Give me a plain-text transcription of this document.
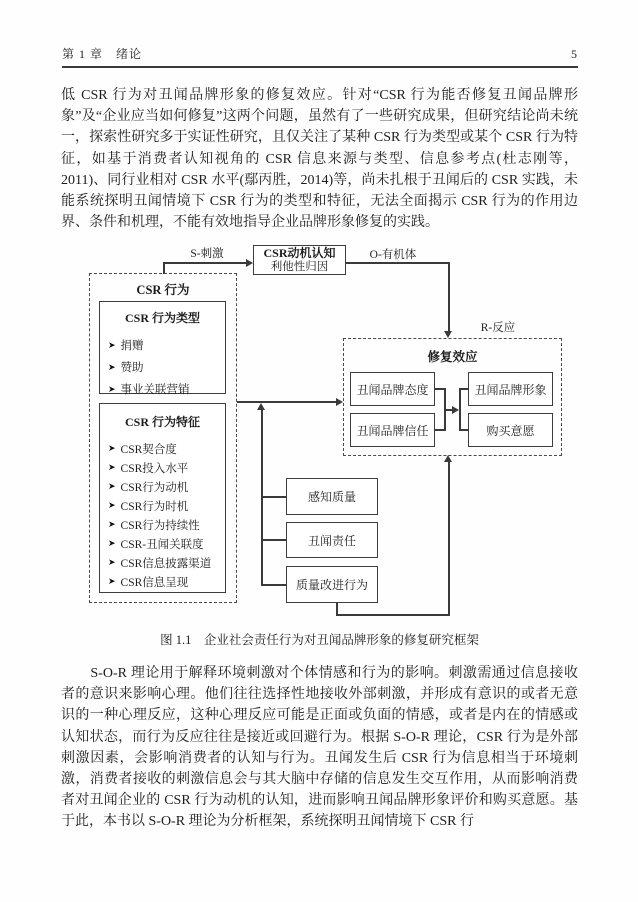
第 1 章　绪论	5

低 CSR 行为对丑闻品牌形象的修复效应。针对“CSR 行为能否修复丑闻品牌形象”及“企业应当如何修复”这两个问题，虽然有了一些研究成果，但研究结论尚未统一，探索性研究多于实证性研究，且仅关注了某种 CSR 行为类型或某个 CSR 行为特征，如基于消费者认知视角的 CSR 信息来源与类型、信息参考点(杜志刚等，2011)、同行业相对 CSR 水平(鄢丙胜，2014)等，尚未扎根于丑闻后的 CSR 实践，未能系统探明丑闻情境下 CSR 行为的类型和特征，无法全面揭示 CSR 行为的作用边界、条件和机理，不能有效地指导企业品牌形象修复的实践。

S-刺激	CSR动机认知
利他性归因
O-有机体
R-反应
CSR 行为
CSR 行为类型
➤ 捐赠
➤ 赞助
➤ 事业关联营销
CSR 行为特征
➤ CSR契合度
➤ CSR投入水平
➤ CSR行为动机
➤ CSR行为时机
➤ CSR行为持续性
➤ CSR-丑闻关联度
➤ CSR信息披露渠道
➤ CSR信息呈现
感知质量
丑闻责任
质量改进行为
修复效应
丑闻品牌态度
丑闻品牌信任
丑闻品牌形象
购买意愿
图 1.1　企业社会责任行为对丑闻品牌形象的修复研究框架

S-O-R 理论用于解释环境刺激对个体情感和行为的影响。刺激需通过信息接收者的意识来影响心理。他们往往选择性地接收外部刺激，并形成有意识的或者无意识的一种心理反应，这种心理反应可能是正面或负面的情感，或者是内在的情感或认知状态，而行为反应往往是接近或回避行为。根据 S-O-R 理论，CSR 行为是外部刺激因素，会影响消费者的认知与行为。丑闻发生后 CSR 行为信息相当于环境刺激，消费者接收的刺激信息会与其大脑中存储的信息发生交互作用，从而影响消费者对丑闻企业的 CSR 行为动机的认知，进而影响丑闻品牌形象评价和购买意愿。基于此，本书以 S-O-R 理论为分析框架，系统探明丑闻情境下 CSR 行
